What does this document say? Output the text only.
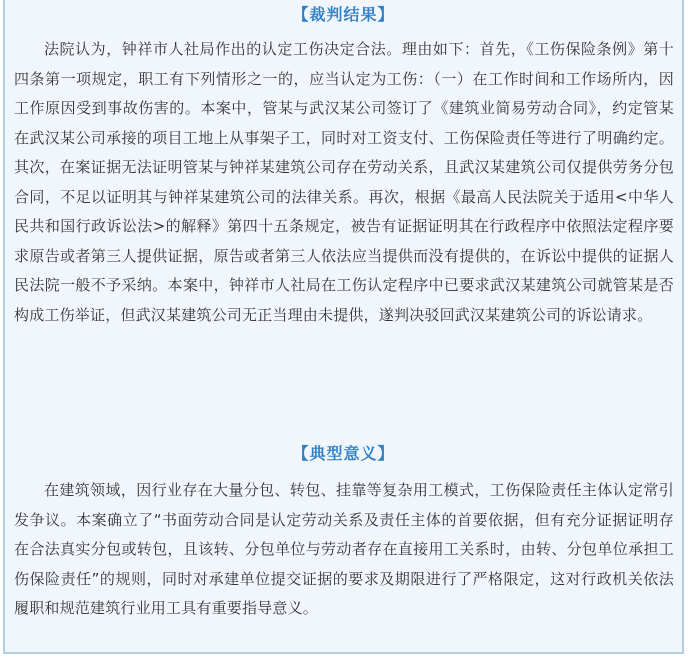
【裁判结果】

法院认为，钟祥市人社局作出的认定工伤决定合法。理由如下：首先，《工伤保险条例》第十四条第一项规定，职工有下列情形之一的，应当认定为工伤：（一）在工作时间和工作场所内，因工作原因受到事故伤害的。本案中，管某与武汉某公司签订了《建筑业简易劳动合同》，约定管某在武汉某公司承接的项目工地上从事架子工，同时对工资支付、工伤保险责任等进行了明确约定。其次，在案证据无法证明管某与钟祥某建筑公司存在劳动关系，且武汉某建筑公司仅提供劳务分包合同，不足以证明其与钟祥某建筑公司的法律关系。再次，根据《最高人民法院关于适用<中华人民共和国行政诉讼法>的解释》第四十五条规定，被告有证据证明其在行政程序中依照法定程序要求原告或者第三人提供证据，原告或者第三人依法应当提供而没有提供的，在诉讼中提供的证据人民法院一般不予采纳。本案中，钟祥市人社局在工伤认定程序中已要求武汉某建筑公司就管某是否构成工伤举证，但武汉某建筑公司无正当理由未提供，遂判决驳回武汉某建筑公司的诉讼请求。

【典型意义】

在建筑领域，因行业存在大量分包、转包、挂靠等复杂用工模式，工伤保险责任主体认定常引发争议。本案确立了“书面劳动合同是认定劳动关系及责任主体的首要依据，但有充分证据证明存在合法真实分包或转包，且该转、分包单位与劳动者存在直接用工关系时，由转、分包单位承担工伤保险责任”的规则，同时对承建单位提交证据的要求及期限进行了严格限定，这对行政机关依法履职和规范建筑行业用工具有重要指导意义。
